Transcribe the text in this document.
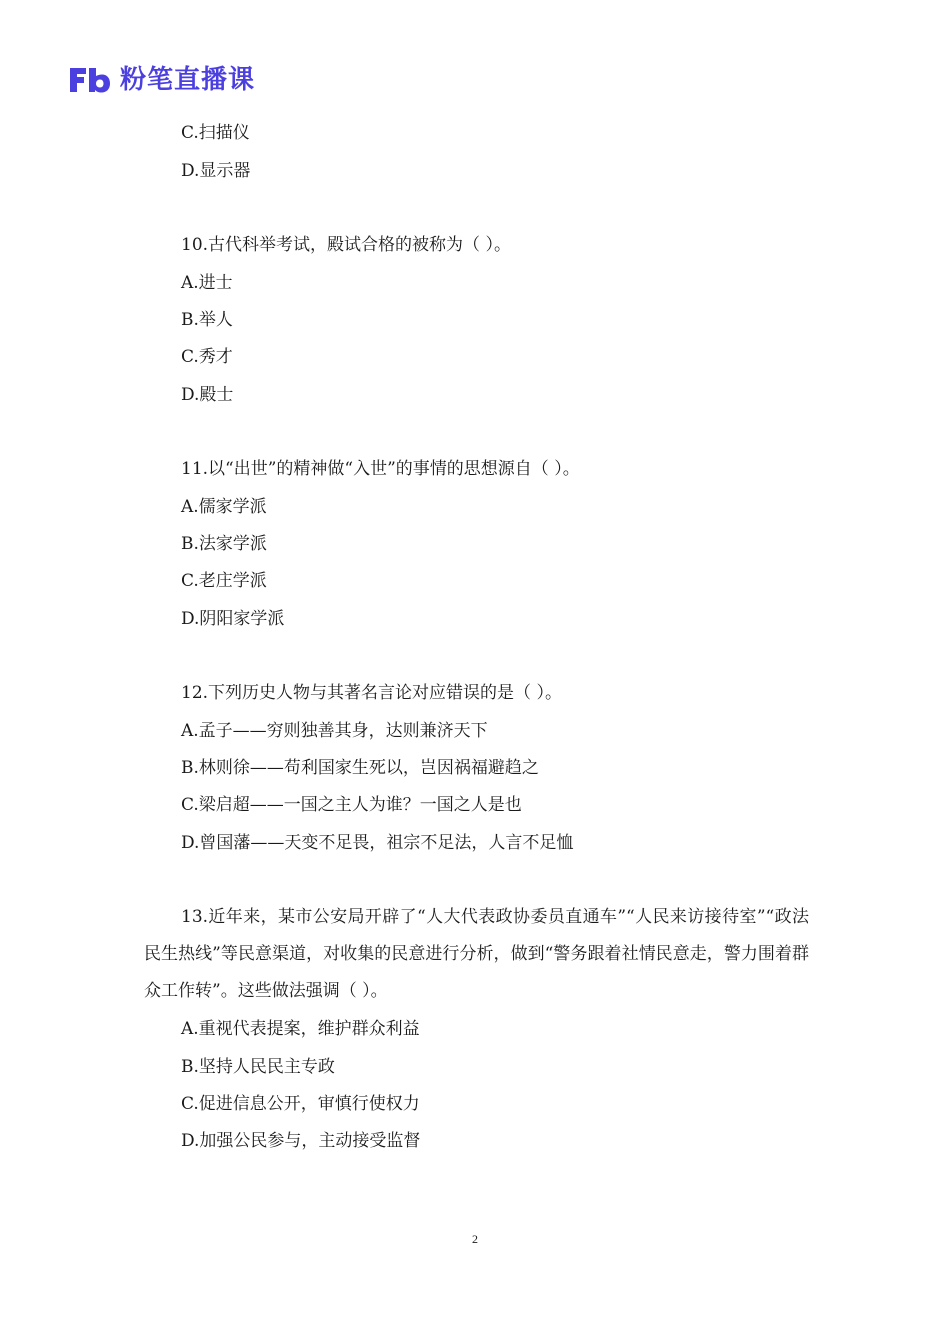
粉笔直播课
C.扫描仪
D.显示器
10.古代科举考试，殿试合格的被称为（ ）。
A.进士
B.举人
C.秀才
D.殿士
11.以“出世”的精神做“入世”的事情的思想源自（ ）。
A.儒家学派
B.法家学派
C.老庄学派
D.阴阳家学派
12.下列历史人物与其著名言论对应错误的是（ ）。
A.孟子——穷则独善其身，达则兼济天下
B.林则徐——苟利国家生死以，岂因祸福避趋之
C.梁启超——一国之主人为谁？一国之人是也
D.曾国藩——天变不足畏，祖宗不足法，人言不足恤
13.近年来，某市公安局开辟了“人大代表政协委员直通车”“人民来访接待室”“政法民生热线”等民意渠道，对收集的民意进行分析，做到“警务跟着社情民意走，警力围着群众工作转”。这些做法强调（ ）。
A.重视代表提案，维护群众利益
B.坚持人民民主专政
C.促进信息公开，审慎行使权力
D.加强公民参与，主动接受监督
2
